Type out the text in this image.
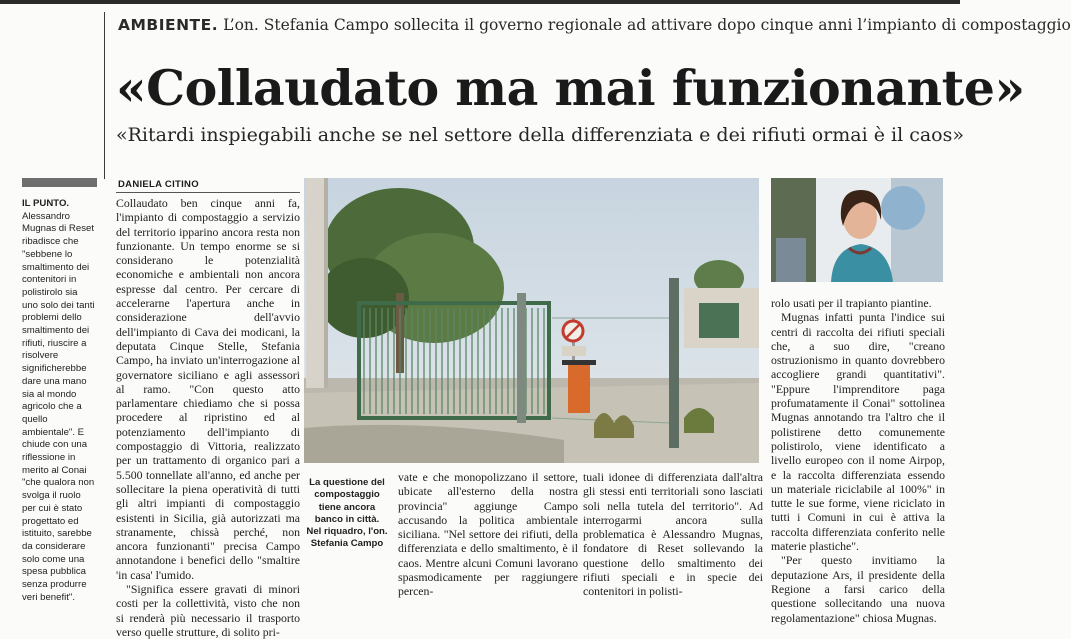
AMBIENTE. L’on. Stefania Campo sollecita il governo regionale ad attivare dopo cinque anni l’impianto di compostaggio
«Collaudato ma mai funzionante»
«Ritardi inspiegabili anche se nel settore della differenziata e dei rifiuti ormai è il caos»
IL PUNTO. Alessandro Mugnas di Reset ribadisce che "sebbene lo smaltimento dei contenitori in polistirolo sia uno solo dei tanti problemi dello smaltimento dei rifiuti, riuscire a risolvere significherebbe dare una mano sia al mondo agricolo che a quello ambientale". E chiude con una riflessione in merito al Conai "che qualora non svolga il ruolo per cui è stato progettato ed istituito, sarebbe da considerare solo come una spesa pubblica senza produrre veri benefit".
DANIELA CITINO

Collaudato ben cinque anni fa, l'impianto di compostaggio a servizio del territorio ipparino ancora resta non funzionante. Un tempo enorme se si considerano le potenzialità economiche e ambientali non ancora espresse dal centro. Per cercare di accelerarne l'apertura anche in considerazione dell'avvio dell'impianto di Cava dei modicani, la deputata Cinque Stelle, Stefania Campo, ha inviato un'interrogazione al governatore siciliano e agli assessori al ramo. "Con questo atto parlamentare chiediamo che si possa procedere al ripristino ed al potenziamento dell'impianto di compostaggio di Vittoria, realizzato per un trattamento di organico pari a 5.500 tonnellate all'anno, ed anche per sollecitare la piena operatività di tutti gli altri impianti di compostaggio esistenti in Sicilia, già autorizzati ma stranamente, chissà perché, non ancora funzionanti" precisa Campo annotandone i benefici dello "smaltire 'in casa' l'umido.

"Significa essere gravati di minori costi per la collettività, visto che non si renderà più necessario il trasporto verso quelle strutture, di solito pri-

La questione del compostaggio tiene ancora banco in città. Nel riquadro, l'on. Stefania Campo

vate e che monopolizzano il settore, ubicate all'esterno della nostra provincia" aggiunge Campo accusando la politica ambientale siciliana. "Nel settore dei rifiuti, della differenziata e dello smaltimento, è il caos. Mentre alcuni Comuni lavorano spasmodicamente per raggiungere percen-

tuali idonee di differenziata dall'altra gli stessi enti territoriali sono lasciati soli nella tutela del territorio". Ad interrogarmi ancora sulla problematica è Alessandro Mugnas, fondatore di Reset sollevando la questione dello smaltimento dei rifiuti speciali e in specie dei contenitori in polisti-

rolo usati per il trapianto piantine.

Mugnas infatti punta l'indice sui centri di raccolta dei rifiuti speciali che, a suo dire, "creano ostruzionismo in quanto dovrebbero accogliere grandi quantitativi". "Eppure l'imprenditore paga profumatamente il Conai" sottolinea Mugnas annotando tra l'altro che il polistirene detto comunemente polistirolo, viene identificato a livello europeo con il nome Airpop, e la raccolta differenziata essendo un materiale riciclabile al 100%" in tutte le sue forme, viene riciclato in tutti i Comuni in cui è attiva la raccolta differenziata conferito nelle materie plastiche".

"Per questo invitiamo la deputazione Ars, il presidente della Regione a farsi carico della questione sollecitando una nuova regolamentazione" chiosa Mugnas.
